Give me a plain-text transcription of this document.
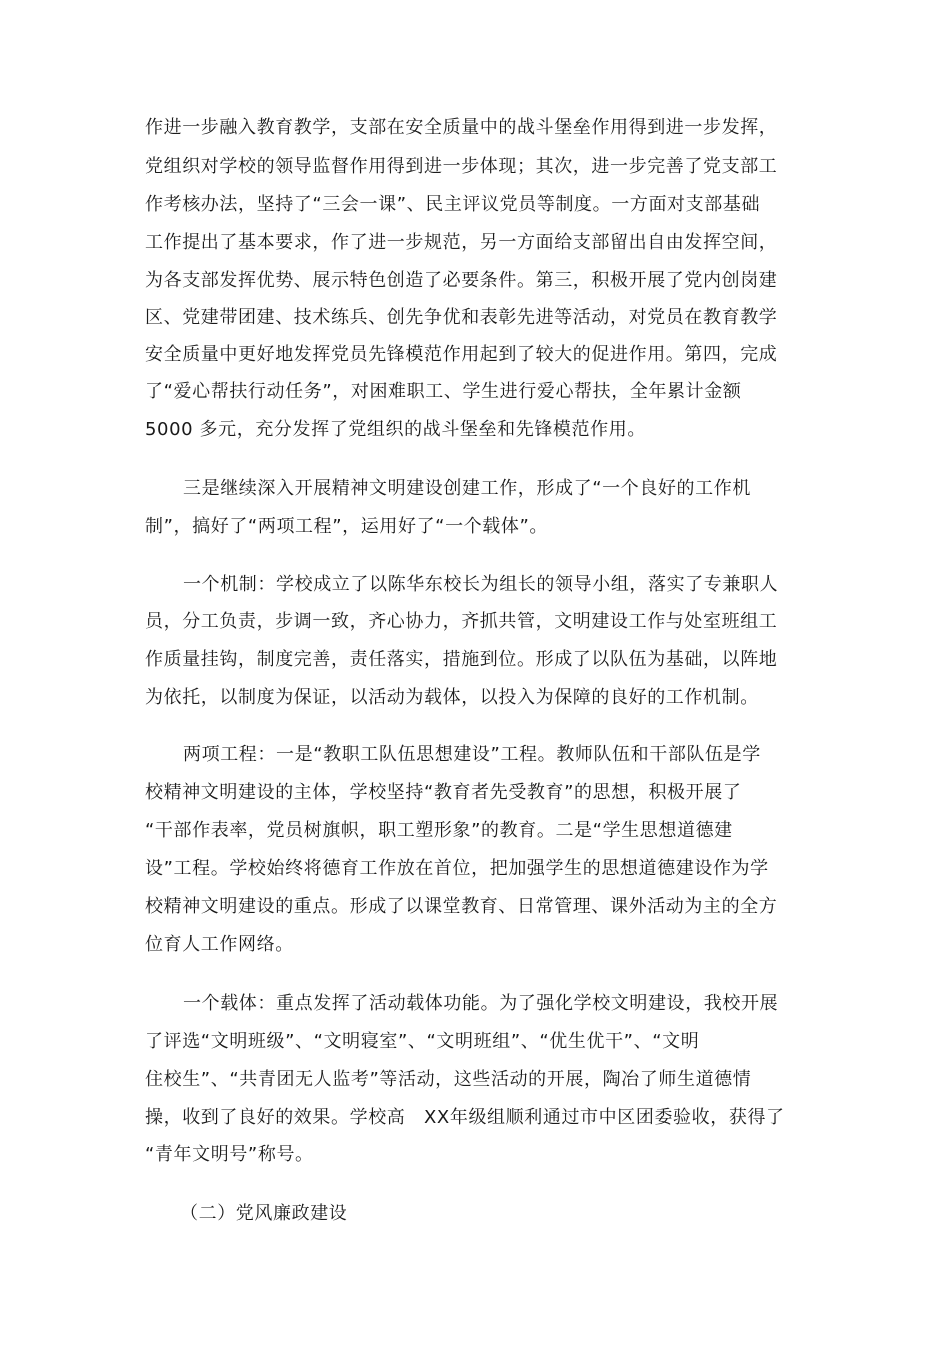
作进一步融入教育教学，支部在安全质量中的战斗堡垒作用得到进一步发挥，
党组织对学校的领导监督作用得到进一步体现；其次，进一步完善了党支部工
作考核办法，坚持了“三会一课”、民主评议党员等制度。一方面对支部基础
工作提出了基本要求，作了进一步规范，另一方面给支部留出自由发挥空间，
为各支部发挥优势、展示特色创造了必要条件。第三，积极开展了党内创岗建
区、党建带团建、技术练兵、创先争优和表彰先进等活动，对党员在教育教学
安全质量中更好地发挥党员先锋模范作用起到了较大的促进作用。第四，完成
了“爱心帮扶行动任务”，对困难职工、学生进行爱心帮扶，全年累计金额
5000 多元，充分发挥了党组织的战斗堡垒和先锋模范作用。
三是继续深入开展精神文明建设创建工作，形成了“一个良好的工作机
制”，搞好了“两项工程”，运用好了“一个载体”。
一个机制：学校成立了以陈华东校长为组长的领导小组，落实了专兼职人
员，分工负责，步调一致，齐心协力，齐抓共管，文明建设工作与处室班组工
作质量挂钩，制度完善，责任落实，措施到位。形成了以队伍为基础，以阵地
为依托，以制度为保证，以活动为载体，以投入为保障的良好的工作机制。
两项工程：一是“教职工队伍思想建设”工程。教师队伍和干部队伍是学
校精神文明建设的主体，学校坚持“教育者先受教育”的思想，积极开展了
“干部作表率，党员树旗帜，职工塑形象”的教育。二是“学生思想道德建
设”工程。学校始终将德育工作放在首位，把加强学生的思想道德建设作为学
校精神文明建设的重点。形成了以课堂教育、日常管理、课外活动为主的全方
位育人工作网络。
一个载体：重点发挥了活动载体功能。为了强化学校文明建设，我校开展
了评选“文明班级”、“文明寝室”、“文明班组”、“优生优干”、“文明
住校生”、“共青团无人监考”等活动，这些活动的开展，陶冶了师生道德情
操，收到了良好的效果。学校高　XX年级组顺利通过市中区团委验收，获得了
“青年文明号”称号。
（二）党风廉政建设
